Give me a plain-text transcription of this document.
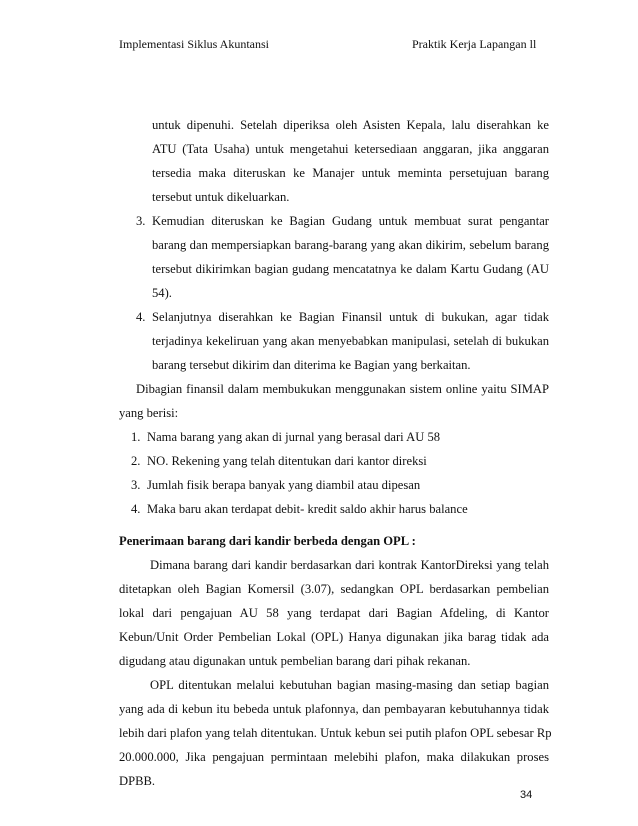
Implementasi Siklus Akuntansi	Praktik Kerja Lapangan ll
untuk dipenuhi. Setelah diperiksa oleh Asisten Kepala, lalu diserahkan ke
ATU (Tata Usaha) untuk mengetahui ketersediaan anggaran, jika anggaran
tersedia maka diteruskan ke Manajer untuk meminta persetujuan barang
tersebut untuk dikeluarkan.
3. Kemudian diteruskan ke Bagian Gudang untuk membuat surat pengantar
barang dan mempersiapkan barang-barang yang akan dikirim, sebelum barang
tersebut dikirimkan bagian gudang mencatatnya ke dalam Kartu Gudang (AU
54).
4. Selanjutnya diserahkan ke Bagian Finansil untuk di bukukan, agar tidak
terjadinya kekeliruan yang akan menyebabkan manipulasi, setelah di bukukan
barang tersebut dikirim dan diterima ke Bagian yang berkaitan.
Dibagian finansil dalam membukukan menggunakan sistem online yaitu SIMAP
yang berisi:
1. Nama barang yang akan di jurnal yang berasal dari AU 58
2. NO. Rekening yang telah ditentukan dari kantor direksi
3. Jumlah fisik berapa banyak yang diambil atau dipesan
4. Maka baru akan terdapat debit- kredit saldo akhir harus balance
Penerimaan barang dari kandir berbeda dengan OPL :
Dimana barang dari kandir berdasarkan dari kontrak KantorDireksi yang telah
ditetapkan oleh Bagian Komersil (3.07), sedangkan OPL berdasarkan pembelian
lokal dari pengajuan AU 58 yang terdapat dari Bagian Afdeling, di Kantor
Kebun/Unit Order Pembelian Lokal (OPL) Hanya digunakan jika barag tidak ada
digudang atau digunakan untuk pembelian barang dari pihak rekanan.
OPL ditentukan melalui kebutuhan bagian masing-masing dan setiap bagian
yang ada di kebun itu bebeda untuk plafonnya, dan pembayaran kebutuhannya tidak
lebih dari plafon yang telah ditentukan. Untuk kebun sei putih plafon OPL sebesar Rp
20.000.000, Jika pengajuan permintaan melebihi plafon, maka dilakukan proses
DPBB.
34
